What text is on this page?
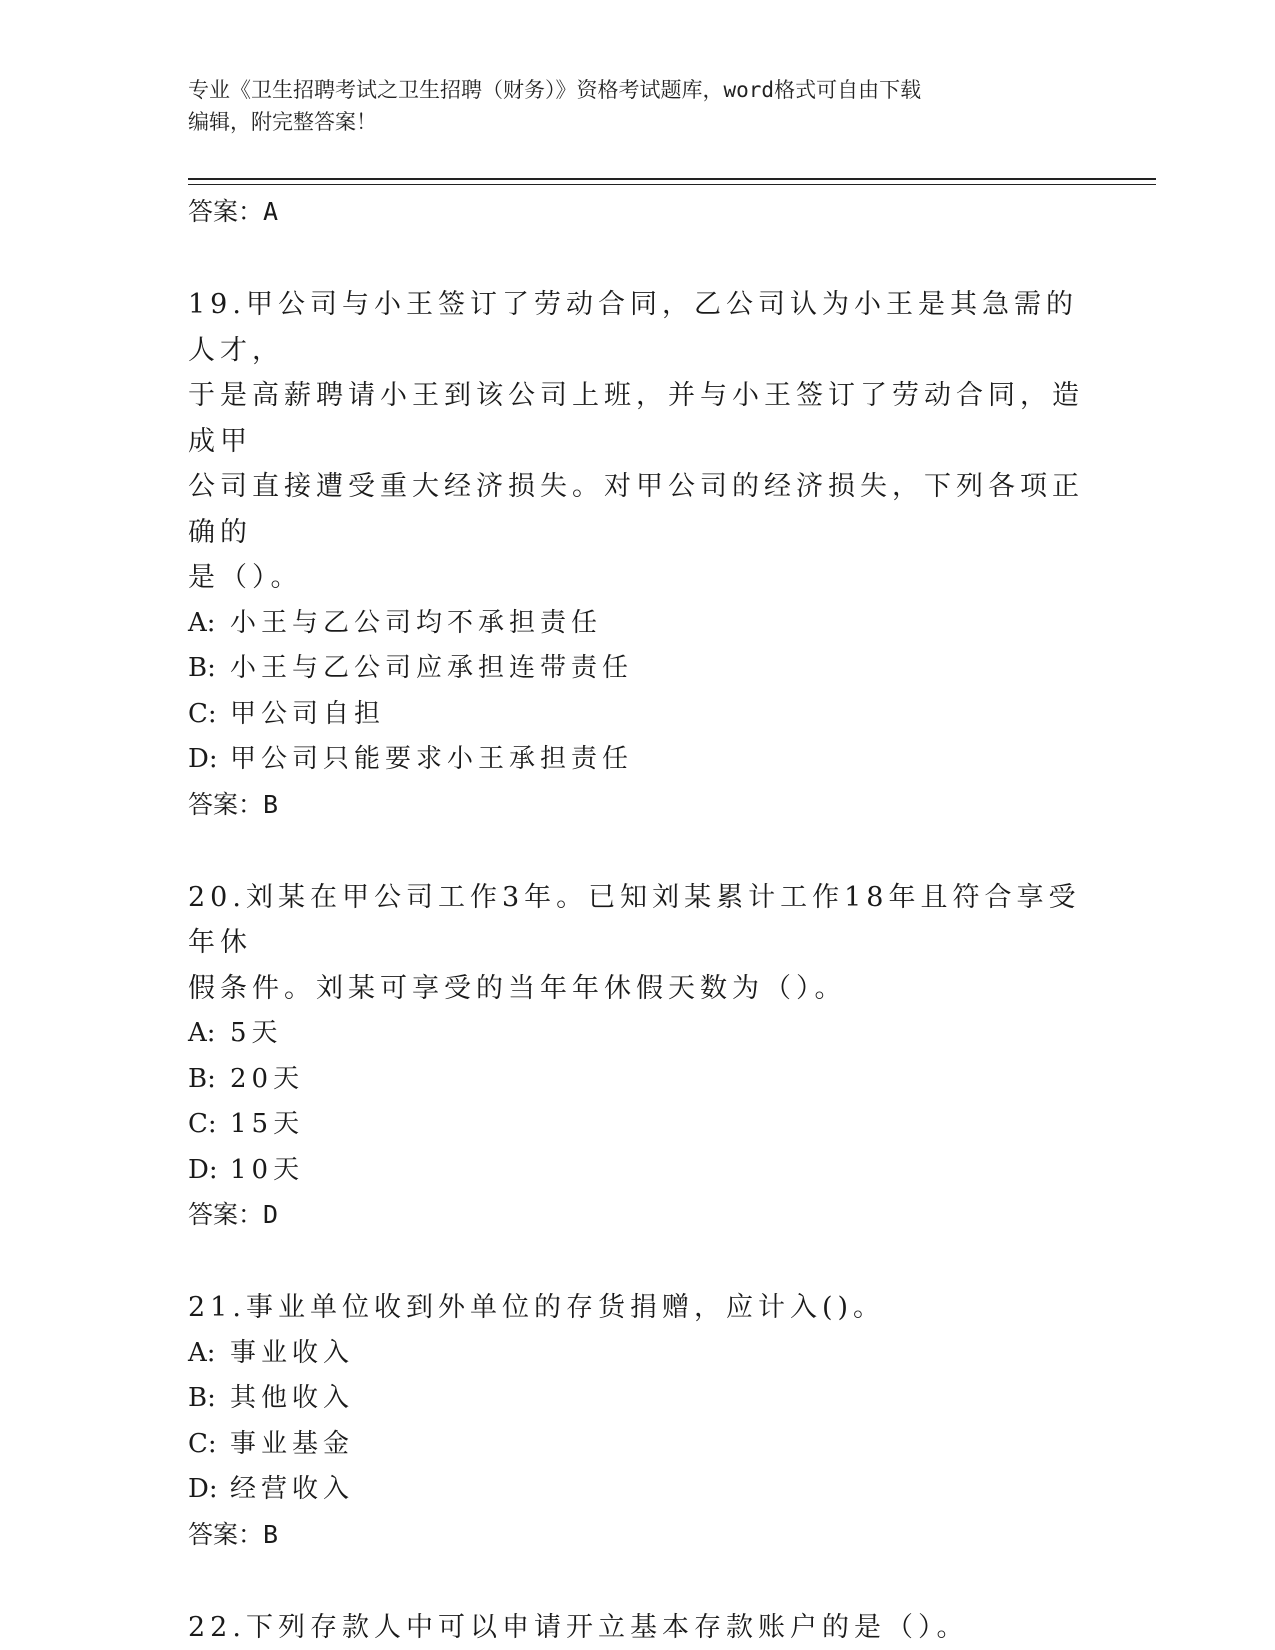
专业《卫生招聘考试之卫生招聘（财务）》资格考试题库，word格式可自由下载
编辑，附完整答案！
答案：A
19.甲公司与小王签订了劳动合同，乙公司认为小王是其急需的人才，
于是高薪聘请小王到该公司上班，并与小王签订了劳动合同，造成甲
公司直接遭受重大经济损失。对甲公司的经济损失，下列各项正确的
是（）。
A: 小王与乙公司均不承担责任
B: 小王与乙公司应承担连带责任
C: 甲公司自担
D: 甲公司只能要求小王承担责任
答案：B
20.刘某在甲公司工作3年。已知刘某累计工作18年且符合享受年休
假条件。刘某可享受的当年年休假天数为（）。
A: 5天
B: 20天
C: 15天
D: 10天
答案：D
21.事业单位收到外单位的存货捐赠，应计入()。
A: 事业收入
B: 其他收入
C: 事业基金
D: 经营收入
答案：B
22.下列存款人中可以申请开立基本存款账户的是（）。
